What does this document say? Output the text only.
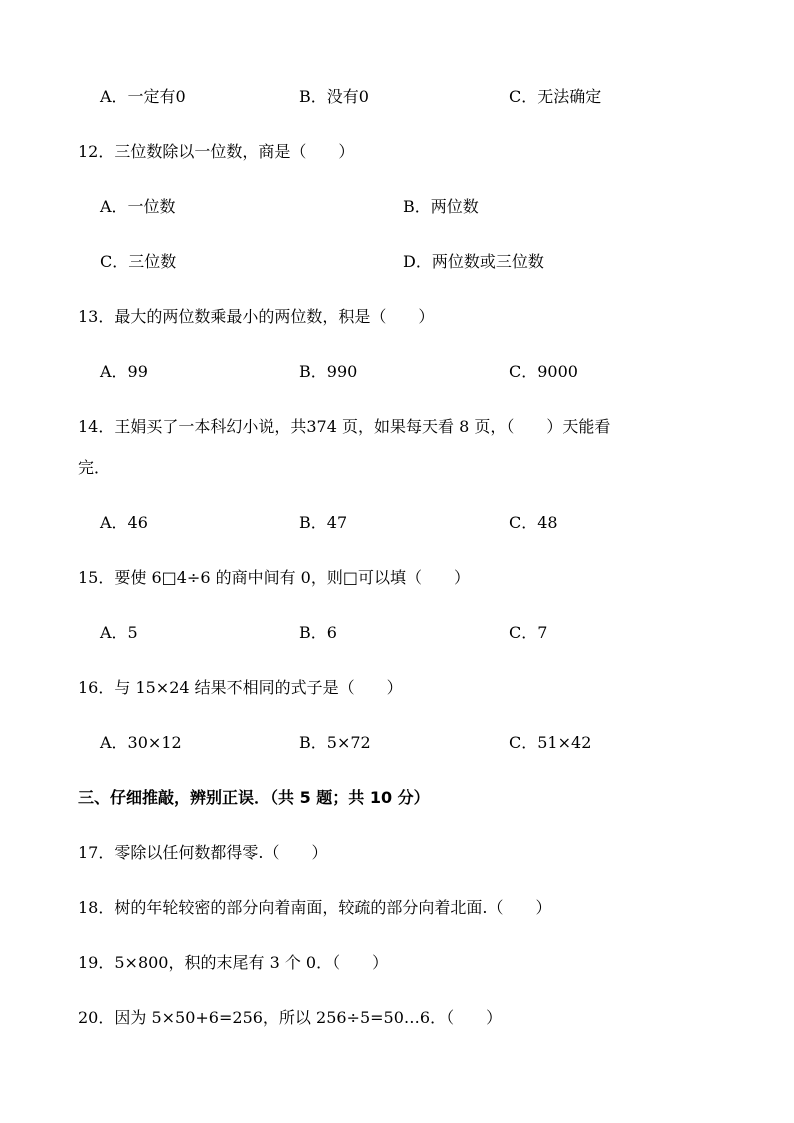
A．一定有0	B．没有0	C．无法确定
12．三位数除以一位数，商是（　　）
A．一位数	B．两位数
C．三位数	D．两位数或三位数
13．最大的两位数乘最小的两位数，积是（　　）
A．99	B．990	C．9000
14．王娟买了一本科幻小说，共374 页，如果每天看 8 页，（　　）天能看
完．
A．46	B．47	C．48
15．要使 6□4÷6 的商中间有 0，则□可以填（　　）
A．5	B．6	C．7
16．与 15×24 结果不相同的式子是（　　）
A．30×12	B．5×72	C．51×42
三、仔细推敲，辨别正误．（共 5 题；共 10 分）
17．零除以任何数都得零.（　　）
18．树的年轮较密的部分向着南面，较疏的部分向着北面.（　　）
19．5×800，积的末尾有 3 个 0．（　　）
20．因为 5×50+6=256，所以 256÷5=50…6．（　　）
